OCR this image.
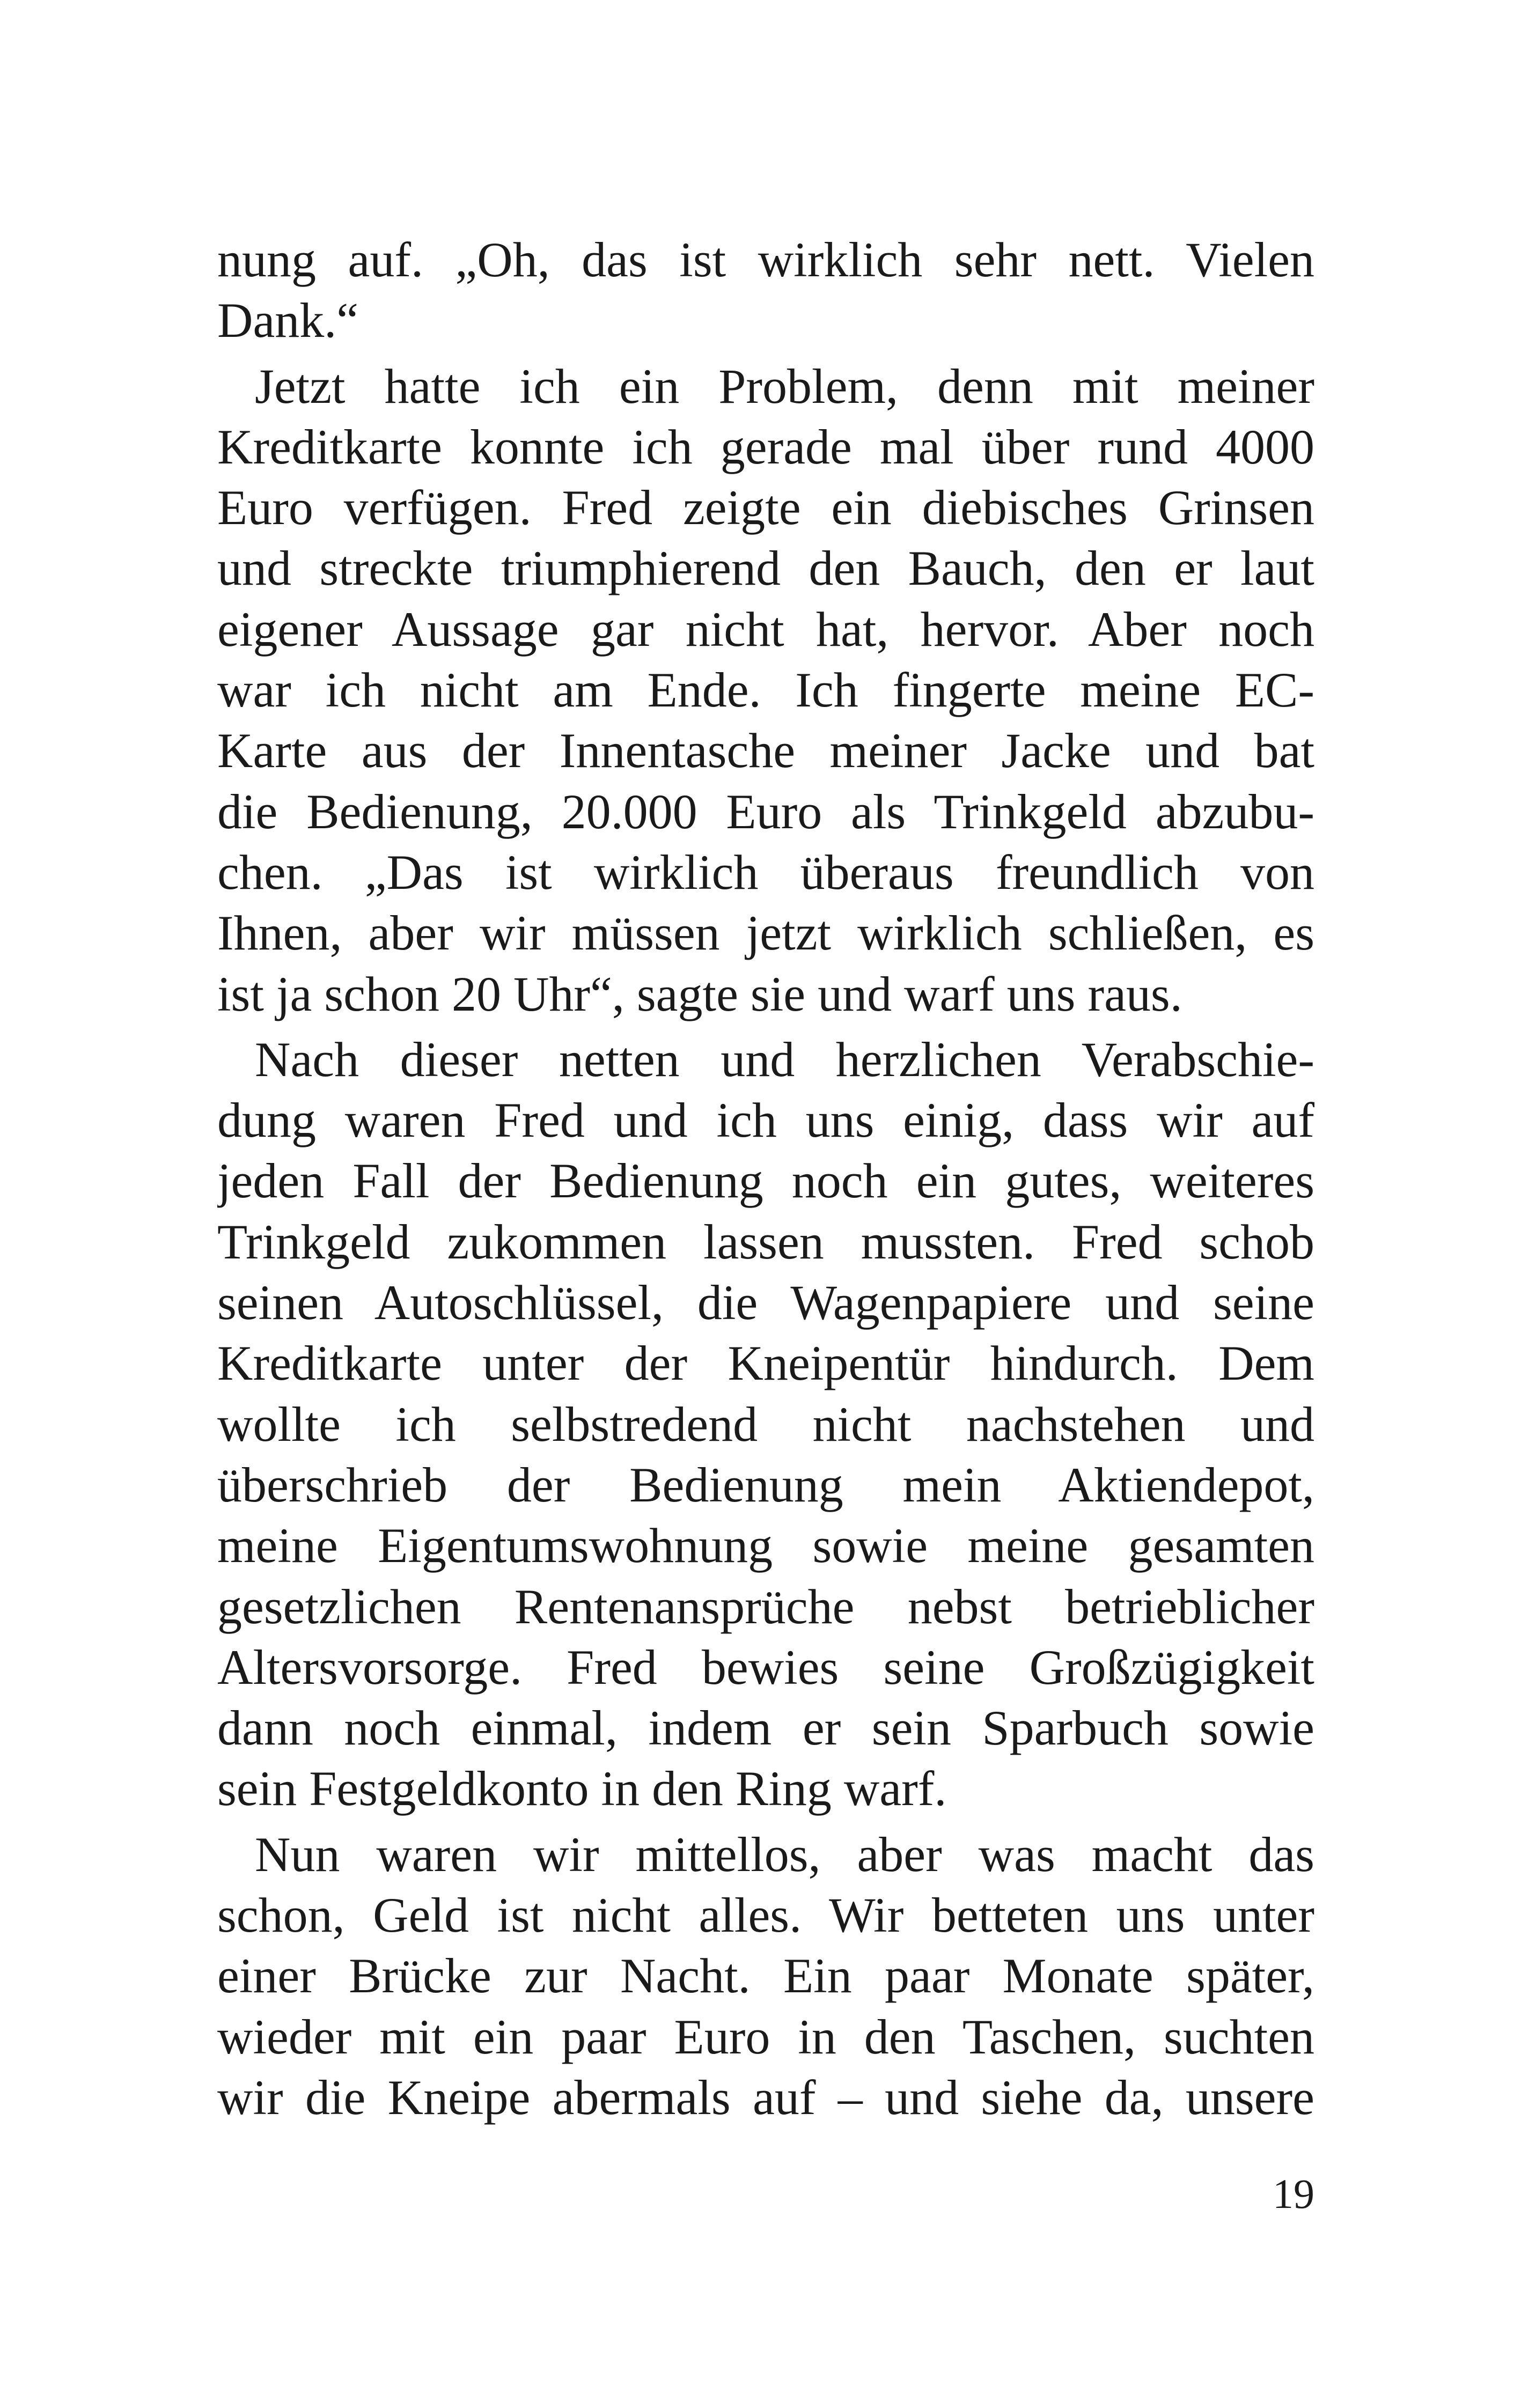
nung auf. „Oh, das ist wirklich sehr nett. Vielen
Dank.“
Jetzt hatte ich ein Problem, denn mit meiner
Kreditkarte konnte ich gerade mal über rund 4000
Euro verfügen. Fred zeigte ein diebisches Grinsen
und streckte triumphierend den Bauch, den er laut
eigener Aussage gar nicht hat, hervor. Aber noch
war ich nicht am Ende. Ich fingerte meine EC-
Karte aus der Innentasche meiner Jacke und bat
die Bedienung, 20.000 Euro als Trinkgeld abzubu-
chen. „Das ist wirklich überaus freundlich von
Ihnen, aber wir müssen jetzt wirklich schließen, es
ist ja schon 20 Uhr“, sagte sie und warf uns raus.
Nach dieser netten und herzlichen Verabschie-
dung waren Fred und ich uns einig, dass wir auf
jeden Fall der Bedienung noch ein gutes, weiteres
Trinkgeld zukommen lassen mussten. Fred schob
seinen Autoschlüssel, die Wagenpapiere und seine
Kreditkarte unter der Kneipentür hindurch. Dem
wollte ich selbstredend nicht nachstehen und
überschrieb der Bedienung mein Aktiendepot,
meine Eigentumswohnung sowie meine gesamten
gesetzlichen Rentenansprüche nebst betrieblicher
Altersvorsorge. Fred bewies seine Großzügigkeit
dann noch einmal, indem er sein Sparbuch sowie
sein Festgeldkonto in den Ring warf.
Nun waren wir mittellos, aber was macht das
schon, Geld ist nicht alles. Wir betteten uns unter
einer Brücke zur Nacht. Ein paar Monate später,
wieder mit ein paar Euro in den Taschen, suchten
wir die Kneipe abermals auf – und siehe da, unsere
19
